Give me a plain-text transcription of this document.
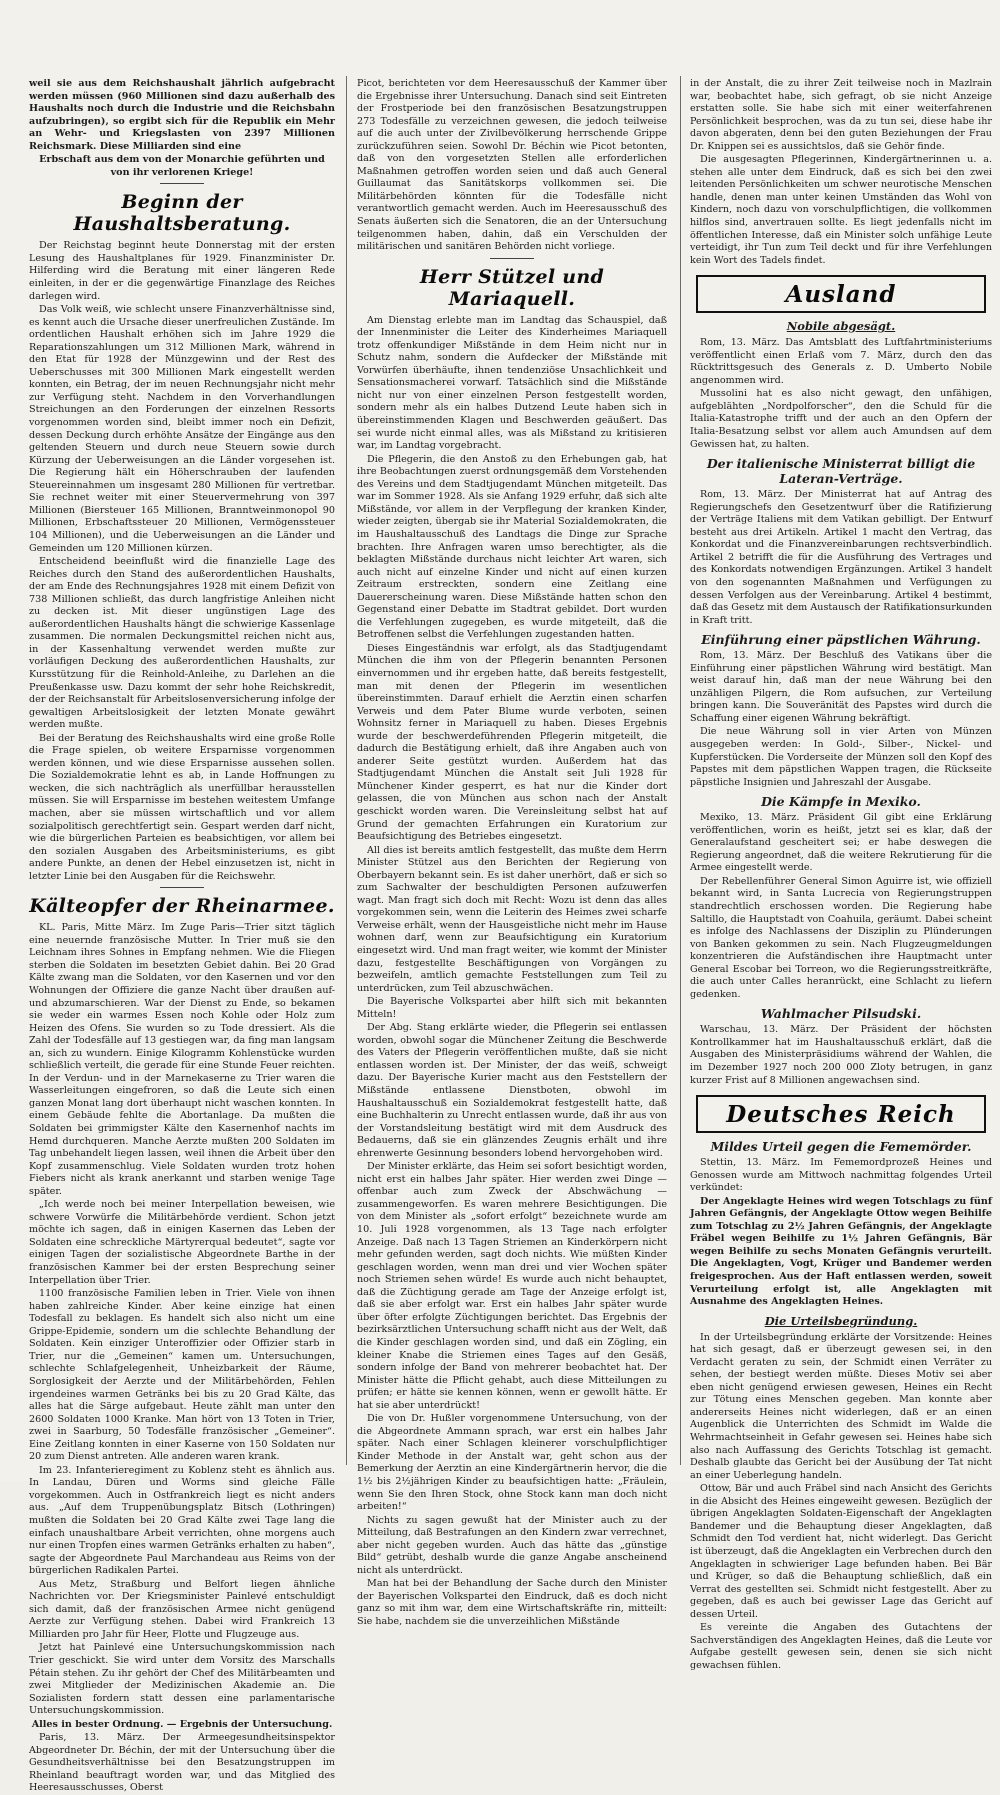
weil sie aus dem Reichshaushalt jährlich aufgebracht werden müssen (960 Millionen sind dazu außerhalb des Haushalts noch durch die Industrie und die Reichsbahn aufzubringen), so ergibt sich für die Republik ein Mehr an Wehr- und Kriegslasten von 2397 Millionen Reichsmark. Diese Milliarden sind eine

Erbschaft aus dem von der Monarchie geführten und von ihr verlorenen Kriege!

Beginn der Haushaltsberatung.

Der Reichstag beginnt heute Donnerstag mit der ersten Lesung des Haushaltplanes für 1929. Finanzminister Dr. Hilferding wird die Beratung mit einer längeren Rede einleiten, in der er die gegenwärtige Finanzlage des Reiches darlegen wird.

Das Volk weiß, wie schlecht unsere Finanzverhältnisse sind, es kennt auch die Ursache dieser unerfreulichen Zustände. Im ordentlichen Haushalt erhöhen sich im Jahre 1929 die Reparationszahlungen um 312 Millionen Mark, während in den Etat für 1928 der Münzgewinn und der Rest des Ueberschusses mit 300 Millionen Mark eingestellt werden konnten, ein Betrag, der im neuen Rechnungsjahr nicht mehr zur Verfügung steht. Nachdem in den Vorverhandlungen Streichungen an den Forderungen der einzelnen Ressorts vorgenommen worden sind, bleibt immer noch ein Defizit, dessen Deckung durch erhöhte Ansätze der Eingänge aus den geltenden Steuern und durch neue Steuern sowie durch Kürzung der Ueberweisungen an die Länder vorgesehen ist. Die Regierung hält ein Höherschrauben der laufenden Steuereinnahmen um insgesamt 280 Millionen für vertretbar. Sie rechnet weiter mit einer Steuervermehrung von 397 Millionen (Biersteuer 165 Millionen, Branntweinmonopol 90 Millionen, Erbschaftssteuer 20 Millionen, Vermögenssteuer 104 Millionen), und die Ueberweisungen an die Länder und Gemeinden um 120 Millionen kürzen.

Entscheidend beeinflußt wird die finanzielle Lage des Reiches durch den Stand des außerordentlichen Haushalts, der am Ende des Rechnungsjahres 1928 mit einem Defizit von 738 Millionen schließt, das durch langfristige Anleihen nicht zu decken ist. Mit dieser ungünstigen Lage des außerordentlichen Haushalts hängt die schwierige Kassenlage zusammen. Die normalen Deckungsmittel reichen nicht aus, in der Kassenhaltung verwendet werden mußte zur vorläufigen Deckung des außerordentlichen Haushalts, zur Kursstützung für die Reinhold-Anleihe, zu Darlehen an die Preußenkasse usw. Dazu kommt der sehr hohe Reichskredit, der der Reichsanstalt für Arbeitslosenversicherung infolge der gewaltigen Arbeitslosigkeit der letzten Monate gewährt werden mußte.

Bei der Beratung des Reichshaushalts wird eine große Rolle die Frage spielen, ob weitere Ersparnisse vorgenommen werden können, und wie diese Ersparnisse aussehen sollen. Die Sozialdemokratie lehnt es ab, in Lande Hoffnungen zu wecken, die sich nachträglich als unerfüllbar herausstellen müssen. Sie will Ersparnisse im bestehen weitestem Umfange machen, aber sie müssen wirtschaftlich und vor allem sozialpolitisch gerechtfertigt sein. Gespart werden darf nicht, wie die bürgerlichen Parteien es beabsichtigen, vor allem bei den sozialen Ausgaben des Arbeitsministeriums, es gibt andere Punkte, an denen der Hebel einzusetzen ist, nicht in letzter Linie bei den Ausgaben für die Reichswehr.

Kälteopfer der Rheinarmee.

KL. Paris, Mitte März. Im Zuge Paris—Trier sitzt täglich eine neuernde französische Mutter. In Trier muß sie den Leichnam ihres Sohnes in Empfang nehmen. Wie die Fliegen sterben die Soldaten im besetzten Gebiet dahin. Bei 20 Grad Kälte zwang man die Soldaten, vor den Kasernen und vor den Wohnungen der Offiziere die ganze Nacht über draußen auf- und abzumarschieren. War der Dienst zu Ende, so bekamen sie weder ein warmes Essen noch Kohle oder Holz zum Heizen des Ofens. Sie wurden so zu Tode dressiert. Als die Zahl der Todesfälle auf 13 gestiegen war, da fing man langsam an, sich zu wundern. Einige Kilogramm Kohlenstücke wurden schließlich verteilt, die gerade für eine Stunde Feuer reichten. In der Verdun- und in der Marnekaserne zu Trier waren die Wasserleitungen eingefroren, so daß die Leute sich einen ganzen Monat lang dort überhaupt nicht waschen konnten. In einem Gebäude fehlte die Abortanlage. Da mußten die Soldaten bei grimmigster Kälte den Kasernenhof nachts im Hemd durchqueren. Manche Aerzte mußten 200 Soldaten im Tag unbehandelt liegen lassen, weil ihnen die Arbeit über den Kopf zusammenschlug. Viele Soldaten wurden trotz hohen Fiebers nicht als krank anerkannt und starben wenige Tage später.

„Ich werde noch bei meiner Interpellation beweisen, wie schwere Vorwürfe die Militärbehörde verdient. Schon jetzt möchte ich sagen, daß in einigen Kasernen das Leben der Soldaten eine schreckliche Märtyrerqual bedeutet“, sagte vor einigen Tagen der sozialistische Abgeordnete Barthe in der französischen Kammer bei der ersten Besprechung seiner Interpellation über Trier.

1100 französische Familien leben in Trier. Viele von ihnen haben zahlreiche Kinder. Aber keine einzige hat einen Todesfall zu beklagen. Es handelt sich also nicht um eine Grippe-Epidemie, sondern um die schlechte Behandlung der Soldaten. Kein einziger Unteroffizier oder Offizier starb in Trier, nur die „Gemeinen“ kamen um. Untersuchungen, schlechte Schlafgelegenheit, Unheizbarkeit der Räume, Sorglosigkeit der Aerzte und der Militärbehörden, Fehlen irgendeines warmen Getränks bei bis zu 20 Grad Kälte, das alles hat die Särge aufgebaut. Heute zählt man unter den 2600 Soldaten 1000 Kranke. Man hört von 13 Toten in Trier, zwei in Saarburg, 50 Todesfälle französischer „Gemeiner“. Eine Zeitlang konnten in einer Kaserne von 150 Soldaten nur 20 zum Dienst antreten. Alle anderen waren krank.

Im 23. Infanterieregiment zu Koblenz steht es ähnlich aus. In Landau, Düren und Worms sind gleiche Fälle vorgekommen. Auch in Ostfrankreich liegt es nicht anders aus. „Auf dem Truppenübungsplatz Bitsch (Lothringen) mußten die Soldaten bei 20 Grad Kälte zwei Tage lang die einfach unaushaltbare Arbeit verrichten, ohne morgens auch nur einen Tropfen eines warmen Getränks erhalten zu haben“, sagte der Abgeordnete Paul Marchandeau aus Reims von der bürgerlichen Radikalen Partei.

Aus Metz, Straßburg und Belfort liegen ähnliche Nachrichten vor. Der Kriegsminister Painlevé entschuldigt sich damit, daß der französischen Armee nicht genügend Aerzte zur Verfügung stehen. Dabei wird Frankreich 13 Milliarden pro Jahr für Heer, Flotte und Flugzeuge aus.

Jetzt hat Painlevé eine Untersuchungskommission nach Trier geschickt. Sie wird unter dem Vorsitz des Marschalls Pétain stehen. Zu ihr gehört der Chef des Militärbeamten und zwei Mitglieder der Medizinischen Akademie an. Die Sozialisten fordern statt dessen eine parlamentarische Untersuchungskommission.

Alles in bester Ordnung. — Ergebnis der Untersuchung.

Paris, 13. März. Der Armeegesundheitsinspektor Abgeordneter Dr. Béchin, der mit der Untersuchung über die Gesundheitsverhältnisse bei den Besatzungstruppen im Rheinland beauftragt worden war, und das Mitglied des Heeresausschusses, Oberst

Picot, berichteten vor dem Heeresausschuß der Kammer über die Ergebnisse ihrer Untersuchung. Danach sind seit Eintreten der Frostperiode bei den französischen Besatzungstruppen 273 Todesfälle zu verzeichnen gewesen, die jedoch teilweise auf die auch unter der Zivilbevölkerung herrschende Grippe zurückzuführen seien. Sowohl Dr. Béchin wie Picot betonten, daß von den vorgesetzten Stellen alle erforderlichen Maßnahmen getroffen worden seien und daß auch General Guillaumat das Sanitätskorps vollkommen sei. Die Militärbehörden könnten für die Todesfälle nicht verantwortlich gemacht werden. Auch im Heeresausschuß des Senats äußerten sich die Senatoren, die an der Untersuchung teilgenommen haben, dahin, daß ein Verschulden der militärischen und sanitären Behörden nicht vorliege.

Herr Stützel und Mariaquell.

Am Dienstag erlebte man im Landtag das Schauspiel, daß der Innenminister die Leiter des Kinderheimes Mariaquell trotz offenkundiger Mißstände in dem Heim nicht nur in Schutz nahm, sondern die Aufdecker der Mißstände mit Vorwürfen überhäufte, ihnen tendenziöse Unsachlichkeit und Sensationsmacherei vorwarf. Tatsächlich sind die Mißstände nicht nur von einer einzelnen Person festgestellt worden, sondern mehr als ein halbes Dutzend Leute haben sich in übereinstimmenden Klagen und Beschwerden geäußert. Das sei wurde nicht einmal alles, was als Mißstand zu kritisieren war, im Landtag vorgebracht.

Die Pflegerin, die den Anstoß zu den Erhebungen gab, hat ihre Beobachtungen zuerst ordnungsgemäß dem Vorstehenden des Vereins und dem Stadtjugendamt München mitgeteilt. Das war im Sommer 1928. Als sie Anfang 1929 erfuhr, daß sich alte Mißstände, vor allem in der Verpflegung der kranken Kinder, wieder zeigten, übergab sie ihr Material Sozialdemokraten, die im Haushaltausschuß des Landtags die Dinge zur Sprache brachten. Ihre Anfragen waren umso berechtigter, als die beklagten Mißstände durchaus nicht leichter Art waren, sich auch nicht auf einzelne Kinder und nicht auf einen kurzen Zeitraum erstreckten, sondern eine Zeitlang eine Dauererscheinung waren. Diese Mißstände hatten schon den Gegenstand einer Debatte im Stadtrat gebildet. Dort wurden die Verfehlungen zugegeben, es wurde mitgeteilt, daß die Betroffenen selbst die Verfehlungen zugestanden hatten.

Dieses Eingeständnis war erfolgt, als das Stadtjugendamt München die ihm von der Pflegerin benannten Personen einvernommen und ihr ergeben hatte, daß bereits festgestellt, man mit denen der Pflegerin im wesentlichen übereinstimmten. Darauf erhielt die Aerztin einen scharfen Verweis und dem Pater Blume wurde verboten, seinen Wohnsitz ferner in Mariaquell zu haben. Dieses Ergebnis wurde der beschwerdeführenden Pflegerin mitgeteilt, die dadurch die Bestätigung erhielt, daß ihre Angaben auch von anderer Seite gestützt wurden. Außerdem hat das Stadtjugendamt München die Anstalt seit Juli 1928 für Münchener Kinder gesperrt, es hat nur die Kinder dort gelassen, die von München aus schon nach der Anstalt geschickt worden waren. Die Vereinsleitung selbst hat auf Grund der gemachten Erfahrungen ein Kuratorium zur Beaufsichtigung des Betriebes eingesetzt.

All dies ist bereits amtlich festgestellt, das mußte dem Herrn Minister Stützel aus den Berichten der Regierung von Oberbayern bekannt sein. Es ist daher unerhört, daß er sich so zum Sachwalter der beschuldigten Personen aufzuwerfen wagt. Man fragt sich doch mit Recht: Wozu ist denn das alles vorgekommen sein, wenn die Leiterin des Heimes zwei scharfe Verweise erhält, wenn der Hausgeistliche nicht mehr im Hause wohnen darf, wenn zur Beaufsichtigung ein Kuratorium eingesetzt wird. Und man fragt weiter, wie kommt der Minister dazu, festgestellte Beschäftigungen von Vorgängen zu bezweifeln, amtlich gemachte Feststellungen zum Teil zu unterdrücken, zum Teil abzuschwächen.

Die Bayerische Volkspartei aber hilft sich mit bekannten Mitteln!

Der Abg. Stang erklärte wieder, die Pflegerin sei entlassen worden, obwohl sogar die Münchener Zeitung die Beschwerde des Vaters der Pflegerin veröffentlichen mußte, daß sie nicht entlassen worden ist. Der Minister, der das weiß, schweigt dazu. Der Bayerische Kurier macht aus den Feststellern der Mißstände entlassene Dienstboten, obwohl im Haushaltausschuß ein Sozialdemokrat festgestellt hatte, daß eine Buchhalterin zu Unrecht entlassen wurde, daß ihr aus von der Vorstandsleitung bestätigt wird mit dem Ausdruck des Bedauerns, daß sie ein glänzendes Zeugnis erhält und ihre ehrenwerte Gesinnung besonders lobend hervorgehoben wird.

Der Minister erklärte, das Heim sei sofort besichtigt worden, nicht erst ein halbes Jahr später. Hier werden zwei Dinge — offenbar auch zum Zweck der Abschwächung — zusammengeworfen. Es waren mehrere Besichtigungen. Die von dem Minister als „sofort erfolgt“ bezeichnete wurde am 10. Juli 1928 vorgenommen, als 13 Tage nach erfolgter Anzeige. Daß nach 13 Tagen Striemen an Kinderkörpern nicht mehr gefunden werden, sagt doch nichts. Wie müßten Kinder geschlagen worden, wenn man drei und vier Wochen später noch Striemen sehen würde! Es wurde auch nicht behauptet, daß die Züchtigung gerade am Tage der Anzeige erfolgt ist, daß sie aber erfolgt war. Erst ein halbes Jahr später wurde über öfter erfolgte Züchtigungen berichtet. Das Ergebnis der bezirksärztlichen Untersuchung schafft nicht aus der Welt, daß die Kinder geschlagen worden sind, und daß ein Zögling, ein kleiner Knabe die Striemen eines Tages auf den Gesäß, sondern infolge der Band von mehrerer beobachtet hat. Der Minister hätte die Pflicht gehabt, auch diese Mitteilungen zu prüfen; er hätte sie kennen können, wenn er gewollt hätte. Er hat sie aber unterdrückt!

Die von Dr. Hußler vorgenommene Untersuchung, von der die Abgeordnete Ammann sprach, war erst ein halbes Jahr später. Nach einer Schlagen kleinerer vorschulpflichtiger Kinder Methode in der Anstalt war, geht schon aus der Bemerkung der Aerztin an eine Kindergärtnerin hervor, die die 1½ bis 2½jährigen Kinder zu beaufsichtigen hatte: „Fräulein, wenn Sie den Ihren Stock, ohne Stock kann man doch nicht arbeiten!“

Nichts zu sagen gewußt hat der Minister auch zu der Mitteilung, daß Bestrafungen an den Kindern zwar verrechnet, aber nicht gegeben wurden. Auch das hätte das „günstige Bild“ getrübt, deshalb wurde die ganze Angabe anscheinend nicht als unterdrückt.

Man hat bei der Behandlung der Sache durch den Minister der Bayerischen Volkspartei den Eindruck, daß es doch nicht ganz so mit ihm war, dem eine Wirtschaftskräfte rin, mitteilt: Sie habe, nachdem sie die unverzeihlichen Mißstände

in der Anstalt, die zu ihrer Zeit teilweise noch in Mazlrain war, beobachtet habe, sich gefragt, ob sie nicht Anzeige erstatten solle. Sie habe sich mit einer weiterfahrenen Persönlichkeit besprochen, was da zu tun sei, diese habe ihr davon abgeraten, denn bei den guten Beziehungen der Frau Dr. Knippen sei es aussichtslos, daß sie Gehör finde.

Die ausgesagten Pflegerinnen, Kindergärtnerinnen u. a. stehen alle unter dem Eindruck, daß es sich bei den zwei leitenden Persönlichkeiten um schwer neurotische Menschen handle, denen man unter keinen Umständen das Wohl von Kindern, noch dazu von vorschulpflichtigen, die vollkommen hilflos sind, anvertrauen sollte. Es liegt jedenfalls nicht im öffentlichen Interesse, daß ein Minister solch unfähige Leute verteidigt, ihr Tun zum Teil deckt und für ihre Verfehlungen kein Wort des Tadels findet.

Ausland
Nobile abgesägt.

Rom, 13. März. Das Amtsblatt des Luftfahrtministeriums veröffentlicht einen Erlaß vom 7. März, durch den das Rücktrittsgesuch des Generals z. D. Umberto Nobile angenommen wird.

Mussolini hat es also nicht gewagt, den unfähigen, aufgeblähten „Nordpolforscher“, den die Schuld für die Italia-Katastrophe trifft und der auch an den Opfern der Italia-Besatzung selbst vor allem auch Amundsen auf dem Gewissen hat, zu halten.

Der italienische Ministerrat billigt die Lateran-Verträge.

Rom, 13. März. Der Ministerrat hat auf Antrag des Regierungschefs den Gesetzentwurf über die Ratifizierung der Verträge Italiens mit dem Vatikan gebilligt. Der Entwurf besteht aus drei Artikeln. Artikel 1 macht den Vertrag, das Konkordat und die Finanzvereinbarungen rechtsverbindlich. Artikel 2 betrifft die für die Ausführung des Vertrages und des Konkordats notwendigen Ergänzungen. Artikel 3 handelt von den sogenannten Maßnahmen und Verfügungen zu dessen Verfolgen aus der Vereinbarung. Artikel 4 bestimmt, daß das Gesetz mit dem Austausch der Ratifikationsurkunden in Kraft tritt.

Einführung einer päpstlichen Währung.

Rom, 13. März. Der Beschluß des Vatikans über die Einführung einer päpstlichen Währung wird bestätigt. Man weist darauf hin, daß man der neue Währung bei den unzähligen Pilgern, die Rom aufsuchen, zur Verteilung bringen kann. Die Souveränität des Papstes wird durch die Schaffung einer eigenen Währung bekräftigt.

Die neue Währung soll in vier Arten von Münzen ausgegeben werden: In Gold-, Silber-, Nickel- und Kupferstücken. Die Vorderseite der Münzen soll den Kopf des Papstes mit dem päpstlichen Wappen tragen, die Rückseite päpstliche Insignien und Jahreszahl der Ausgabe.

Die Kämpfe in Mexiko.

Mexiko, 13. März. Präsident Gil gibt eine Erklärung veröffentlichen, worin es heißt, jetzt sei es klar, daß der Generalaufstand gescheitert sei; er habe deswegen die Regierung angeordnet, daß die weitere Rekrutierung für die Armee eingestellt werde.

Der Rebellenführer General Simon Aguirre ist, wie offiziell bekannt wird, in Santa Lucrecia von Regierungstruppen standrechtlich erschossen worden. Die Regierung habe Saltillo, die Hauptstadt von Coahuila, geräumt. Dabei scheint es infolge des Nachlassens der Disziplin zu Plünderungen von Banken gekommen zu sein. Nach Flugzeugmeldungen konzentrieren die Aufständischen ihre Hauptmacht unter General Escobar bei Torreon, wo die Regierungsstreitkräfte, die auch unter Calles heranrückt, eine Schlacht zu liefern gedenken.

Wahlmacher Pilsudski.

Warschau, 13. März. Der Präsident der höchsten Kontrollkammer hat im Haushaltausschuß erklärt, daß die Ausgaben des Ministerpräsidiums während der Wahlen, die im Dezember 1927 noch 200 000 Zloty betrugen, in ganz kurzer Frist auf 8 Millionen angewachsen sind.

Deutsches Reich
Mildes Urteil gegen die Fememörder.

Stettin, 13. März. Im Fememordprozeß Heines und Genossen wurde am Mittwoch nachmittag folgendes Urteil verkündet:

Der Angeklagte Heines wird wegen Totschlags zu fünf Jahren Gefängnis, der Angeklagte Ottow wegen Beihilfe zum Totschlag zu 2½ Jahren Gefängnis, der Angeklagte Fräbel wegen Beihilfe zu 1½ Jahren Gefängnis, Bär wegen Beihilfe zu sechs Monaten Gefängnis verurteilt. Die Angeklagten, Vogt, Krüger und Bandemer werden freigesprochen. Aus der Haft entlassen werden, soweit Verurteilung erfolgt ist, alle Angeklagten mit Ausnahme des Angeklagten Heines.

Die Urteilsbegründung.

In der Urteilsbegründung erklärte der Vorsitzende: Heines hat sich gesagt, daß er überzeugt gewesen sei, in den Verdacht geraten zu sein, der Schmidt einen Verräter zu sehen, der bestiegt werden müßte. Dieses Motiv sei aber eben nicht genügend erwiesen gewesen, Heines ein Recht zur Tötung eines Menschen gegeben. Man konnte aber andererseits Heines nicht widerlegen, daß er an einen Augenblick die Unterrichten des Schmidt im Walde die Wehrmachtseinheit in Gefahr gewesen sei. Heines habe sich also nach Auffassung des Gerichts Totschlag ist gemacht. Deshalb glaubte das Gericht bei der Ausübung der Tat nicht an einer Ueberlegung handeln.

Ottow, Bär und auch Fräbel sind nach Ansicht des Gerichts in die Absicht des Heines eingeweiht gewesen. Bezüglich der übrigen Angeklagten Soldaten-Eigenschaft der Angeklagten Bandemer und die Behauptung dieser Angeklagten, daß Schmidt den Tod verdient hat, nicht widerlegt. Das Gericht ist überzeugt, daß die Angeklagten ein Verbrechen durch den Angeklagten in schwieriger Lage befunden haben. Bei Bär und Krüger, so daß die Behauptung schließlich, daß ein Verrat des gestellten sei. Schmidt nicht festgestellt. Aber zu gegeben, daß es auch bei gewisser Lage das Gericht auf dessen Urteil.

Es vereinte die Angaben des Gutachtens der Sachverständigen des Angeklagten Heines, daß die Leute vor Aufgabe gestellt gewesen sein, denen sie sich nicht gewachsen fühlen.
